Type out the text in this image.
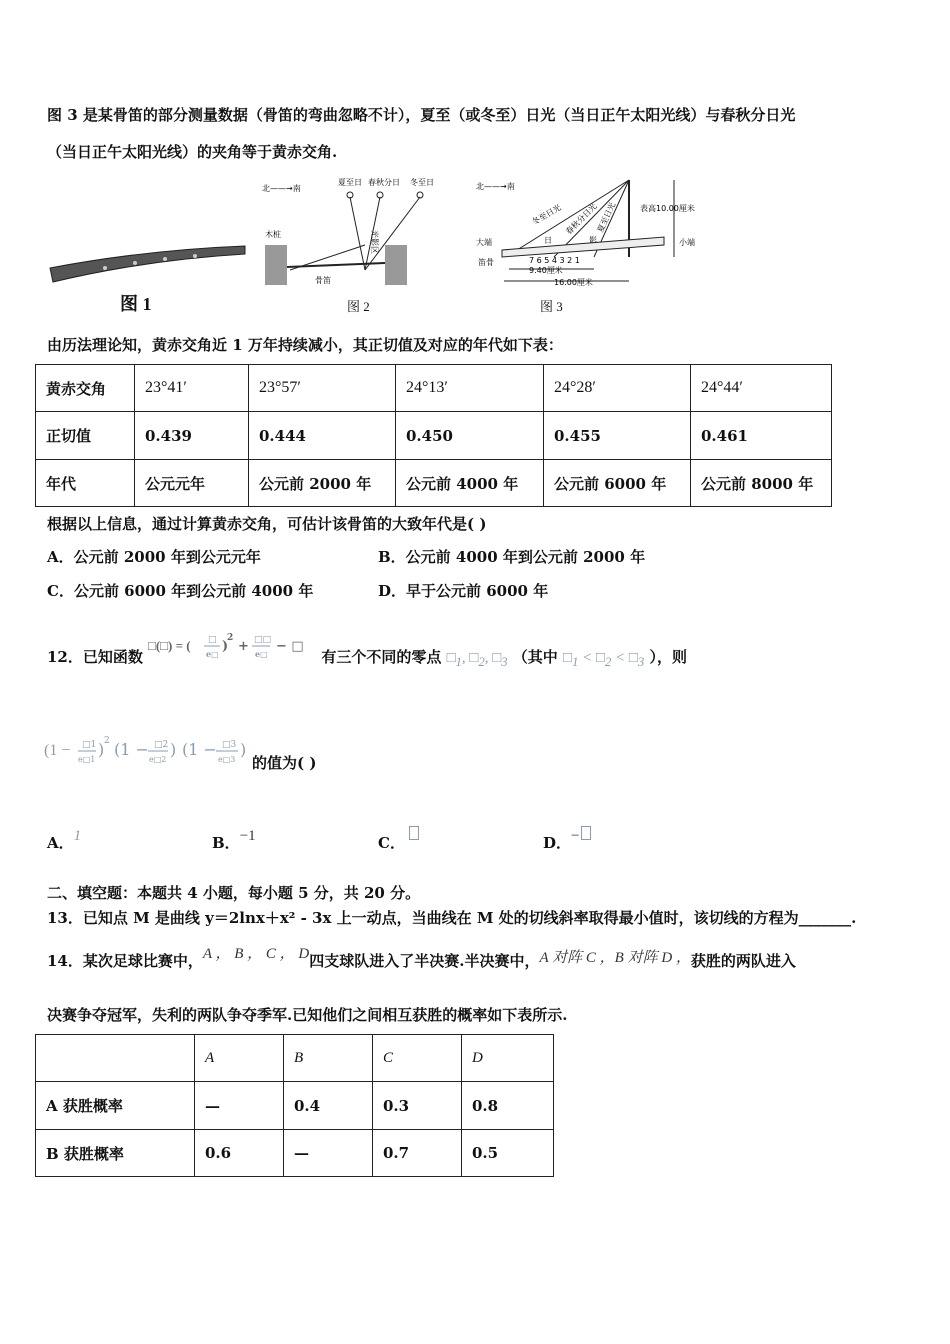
图 3 是某骨笛的部分测量数据（骨笛的弯曲忽略不计），夏至（或冬至）日光（当日正午太阳光线）与春秋分日光
（当日正午太阳光线）的夹角等于黄赤交角.
图 1
北——→南
夏至日 春秋分日 冬至日
木桩
骨笛
光影区
图 2
北——→南
冬至日光 春秋分日光
夏至日光
日	影
表高10.00厘米
大端	小端
笛骨	7 6 5 4 3 2 1
9.40厘米
16.00厘米
图 3
由历法理论知，黄赤交角近 1 万年持续减小，其正切值及对应的年代如下表：
黄赤交角	23°41′	23°57′	24°13′	24°28′	24°44′
正切值	0.439	0.444	0.450	0.455	0.461
年代	公元元年	公元前 2000 年	公元前 4000 年	公元前 6000 年	公元前 8000 年
根据以上信息，通过计算黄赤交角，可估计该骨笛的大致年代是( )
A．公元前 2000 年到公元元年	B．公元前 4000 年到公元前 2000 年
C．公元前 6000 年到公元前 4000 年	D．早于公元前 6000 年
12．已知函数
□(□) = ( □
e□ )
2
+ □□
e□ − □
有三个不同的零点 $□_1$, $□_2$, $□_3$ （其中 $□_1$ < $□_2$ < $□_3$ ），则
(1 − □1
e□1
) 2 (1 − □2
e□2
) (1 − □3
e□3
)
的值为( )
A．1	B．−1	C．	D．−
二、填空题：本题共 4 小题，每小题 5 分，共 20 分。
13．已知点 M 是曲线 y＝2lnx＋x² - 3x 上一动点，当曲线在 M 处的切线斜率取得最小值时，该切线的方程为_______.
14．某次足球比赛中，A ， B ， C ， D四支球队进入了半决赛.半决赛中，A 对阵 C ，B 对阵 D ，获胜的两队进入
决赛争夺冠军，失利的两队争夺季军.已知他们之间相互获胜的概率如下表所示.
	A	B	C	D
A 获胜概率	—	0.4	0.3	0.8
B 获胜概率	0.6	—	0.7	0.5
